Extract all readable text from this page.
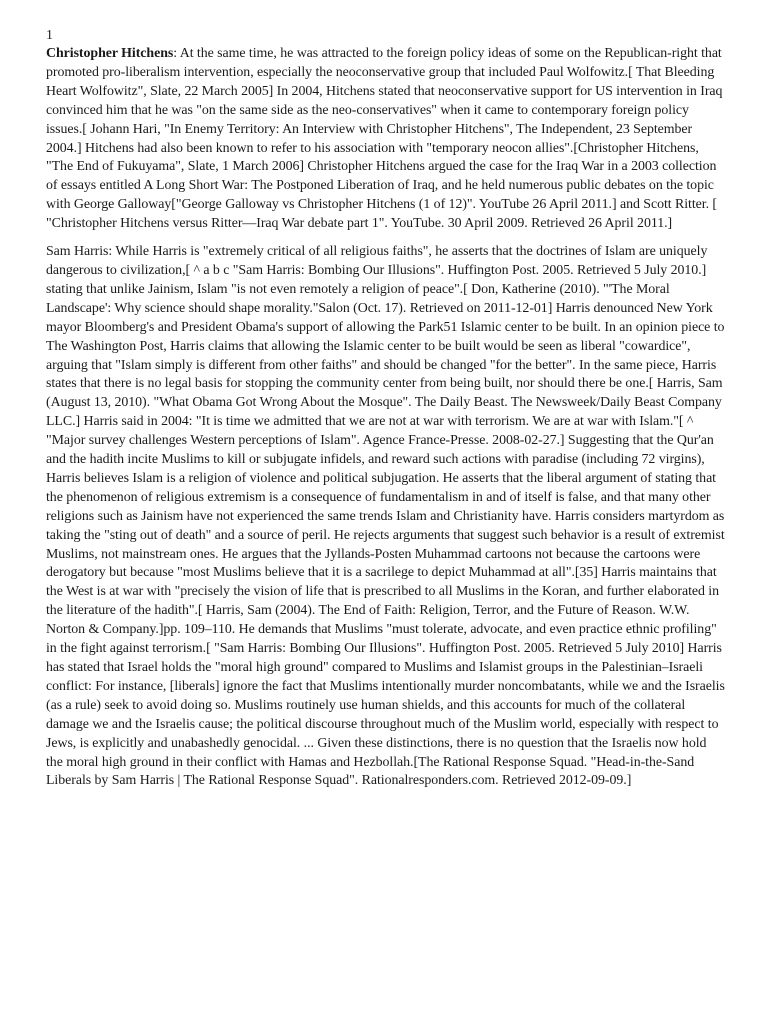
1

Christopher Hitchens: At the same time, he was attracted to the foreign policy ideas of some on the Republican-right that promoted pro-liberalism intervention, especially the neoconservative group that included Paul Wolfowitz.[ That Bleeding Heart Wolfowitz", Slate, 22 March 2005] In 2004, Hitchens stated that neoconservative support for US intervention in Iraq convinced him that he was "on the same side as the neo-conservatives" when it came to contemporary foreign policy issues.[ Johann Hari, "In Enemy Territory: An Interview with Christopher Hitchens", The Independent, 23 September 2004.] Hitchens had also been known to refer to his association with "temporary neocon allies".[Christopher Hitchens, "The End of Fukuyama", Slate, 1 March 2006] Christopher Hitchens argued the case for the Iraq War in a 2003 collection of essays entitled A Long Short War: The Postponed Liberation of Iraq, and he held numerous public debates on the topic with George Galloway["George Galloway vs Christopher Hitchens (1 of 12)". YouTube 26 April 2011.] and Scott Ritter. [ "Christopher Hitchens versus Ritter—Iraq War debate part 1". YouTube. 30 April 2009. Retrieved 26 April 2011.]

Sam Harris: While Harris is "extremely critical of all religious faiths", he asserts that the doctrines of Islam are uniquely dangerous to civilization,[ ^ a b c "Sam Harris: Bombing Our Illusions". Huffington Post. 2005. Retrieved 5 July 2010.] stating that unlike Jainism, Islam "is not even remotely a religion of peace".[ Don, Katherine (2010). "'The Moral Landscape': Why science should shape morality."Salon (Oct. 17). Retrieved on 2011-12-01] Harris denounced New York mayor Bloomberg's and President Obama's support of allowing the Park51 Islamic center to be built. In an opinion piece to The Washington Post, Harris claims that allowing the Islamic center to be built would be seen as liberal "cowardice", arguing that "Islam simply is different from other faiths" and should be changed "for the better". In the same piece, Harris states that there is no legal basis for stopping the community center from being built, nor should there be one.[ Harris, Sam (August 13, 2010). "What Obama Got Wrong About the Mosque". The Daily Beast. The Newsweek/Daily Beast Company LLC.] Harris said in 2004: "It is time we admitted that we are not at war with terrorism. We are at war with Islam."[ ^ "Major survey challenges Western perceptions of Islam". Agence France-Presse. 2008-02-27.] Suggesting that the Qur'an and the hadith incite Muslims to kill or subjugate infidels, and reward such actions with paradise (including 72 virgins), Harris believes Islam is a religion of violence and political subjugation. He asserts that the liberal argument of stating that the phenomenon of religious extremism is a consequence of fundamentalism in and of itself is false, and that many other religions such as Jainism have not experienced the same trends Islam and Christianity have. Harris considers martyrdom as taking the "sting out of death" and a source of peril. He rejects arguments that suggest such behavior is a result of extremist Muslims, not mainstream ones. He argues that the Jyllands-Posten Muhammad cartoons not because the cartoons were derogatory but because "most Muslims believe that it is a sacrilege to depict Muhammad at all".[35] Harris maintains that the West is at war with "precisely the vision of life that is prescribed to all Muslims in the Koran, and further elaborated in the literature of the hadith".[ Harris, Sam (2004). The End of Faith: Religion, Terror, and the Future of Reason. W.W. Norton & Company.]pp. 109–110. He demands that Muslims "must tolerate, advocate, and even practice ethnic profiling" in the fight against terrorism.[ "Sam Harris: Bombing Our Illusions". Huffington Post. 2005. Retrieved 5 July 2010] Harris has stated that Israel holds the "moral high ground" compared to Muslims and Islamist groups in the Palestinian–Israeli conflict: For instance, [liberals] ignore the fact that Muslims intentionally murder noncombatants, while we and the Israelis (as a rule) seek to avoid doing so. Muslims routinely use human shields, and this accounts for much of the collateral damage we and the Israelis cause; the political discourse throughout much of the Muslim world, especially with respect to Jews, is explicitly and unabashedly genocidal. ... Given these distinctions, there is no question that the Israelis now hold the moral high ground in their conflict with Hamas and Hezbollah.[The Rational Response Squad. "Head-in-the-Sand Liberals by Sam Harris | The Rational Response Squad". Rationalresponders.com. Retrieved 2012-09-09.]
